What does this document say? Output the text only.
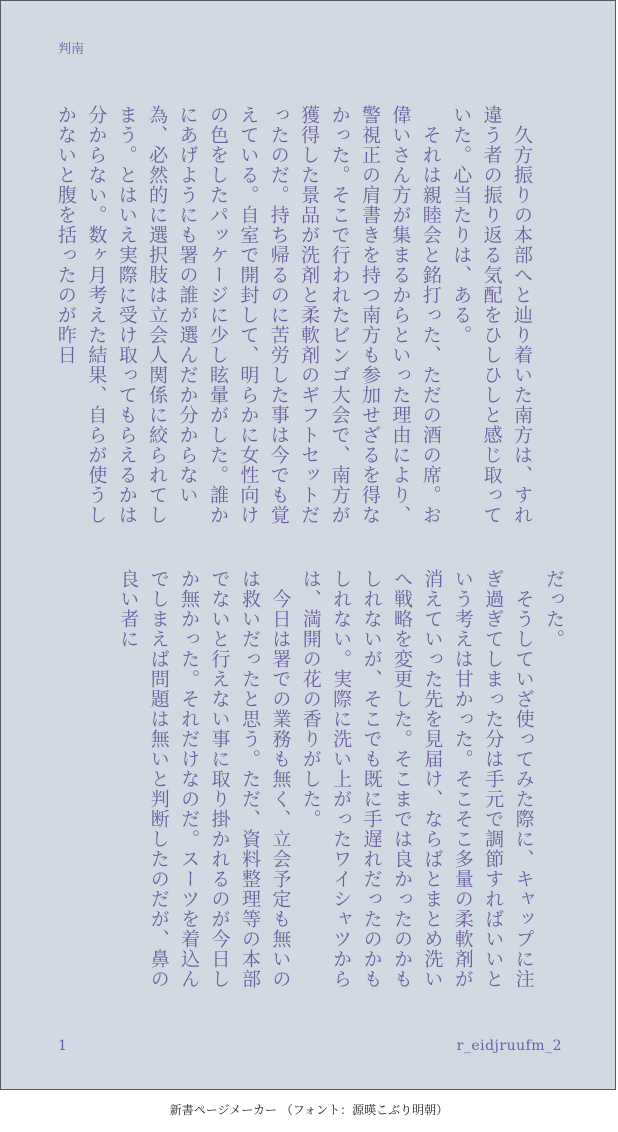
判南

　久方振りの本部へと辿り着いた南方は、すれ違う者の振り返る気配をひしひしと感じ取っていた。心当たりは、ある。

　それは親睦会と銘打った、ただの酒の席。お偉いさん方が集まるからといった理由により、警視正の肩書きを持つ南方も参加せざるを得なかった。そこで行われたビンゴ大会で、南方が獲得した景品が洗剤と柔軟剤のギフトセットだったのだ。持ち帰るのに苦労した事は今でも覚えている。自室で開封して、明らかに女性向けの色をしたパッケージに少し眩暈がした。誰かにあげようにも署の誰が選んだか分からない為、必然的に選択肢は立会人関係に絞られてしまう。とはいえ実際に受け取ってもらえるかは分からない。数ヶ月考えた結果、自らが使うしかないと腹を括ったのが昨日

だった。

　そうしていざ使ってみた際に、キャップに注ぎ過ぎてしまった分は手元で調節すればいいという考えは甘かった。そこそこ多量の柔軟剤が消えていった先を見届け、ならばとまとめ洗いへ戦略を変更した。そこまでは良かったのかもしれないが、そこでも既に手遅れだったのかもしれない。実際に洗い上がったワイシャツからは、満開の花の香りがした。

　今日は署での業務も無く、立会予定も無いのは救いだったと思う。ただ、資料整理等の本部でないと行えない事に取り掛かれるのが今日しか無かった。それだけなのだ。スーツを着込んでしまえば問題は無いと判断したのだが、鼻の良い者に

1	r_eidjruufm_2
新書ページメーカー （フォント：源暎こぶり明朝）
